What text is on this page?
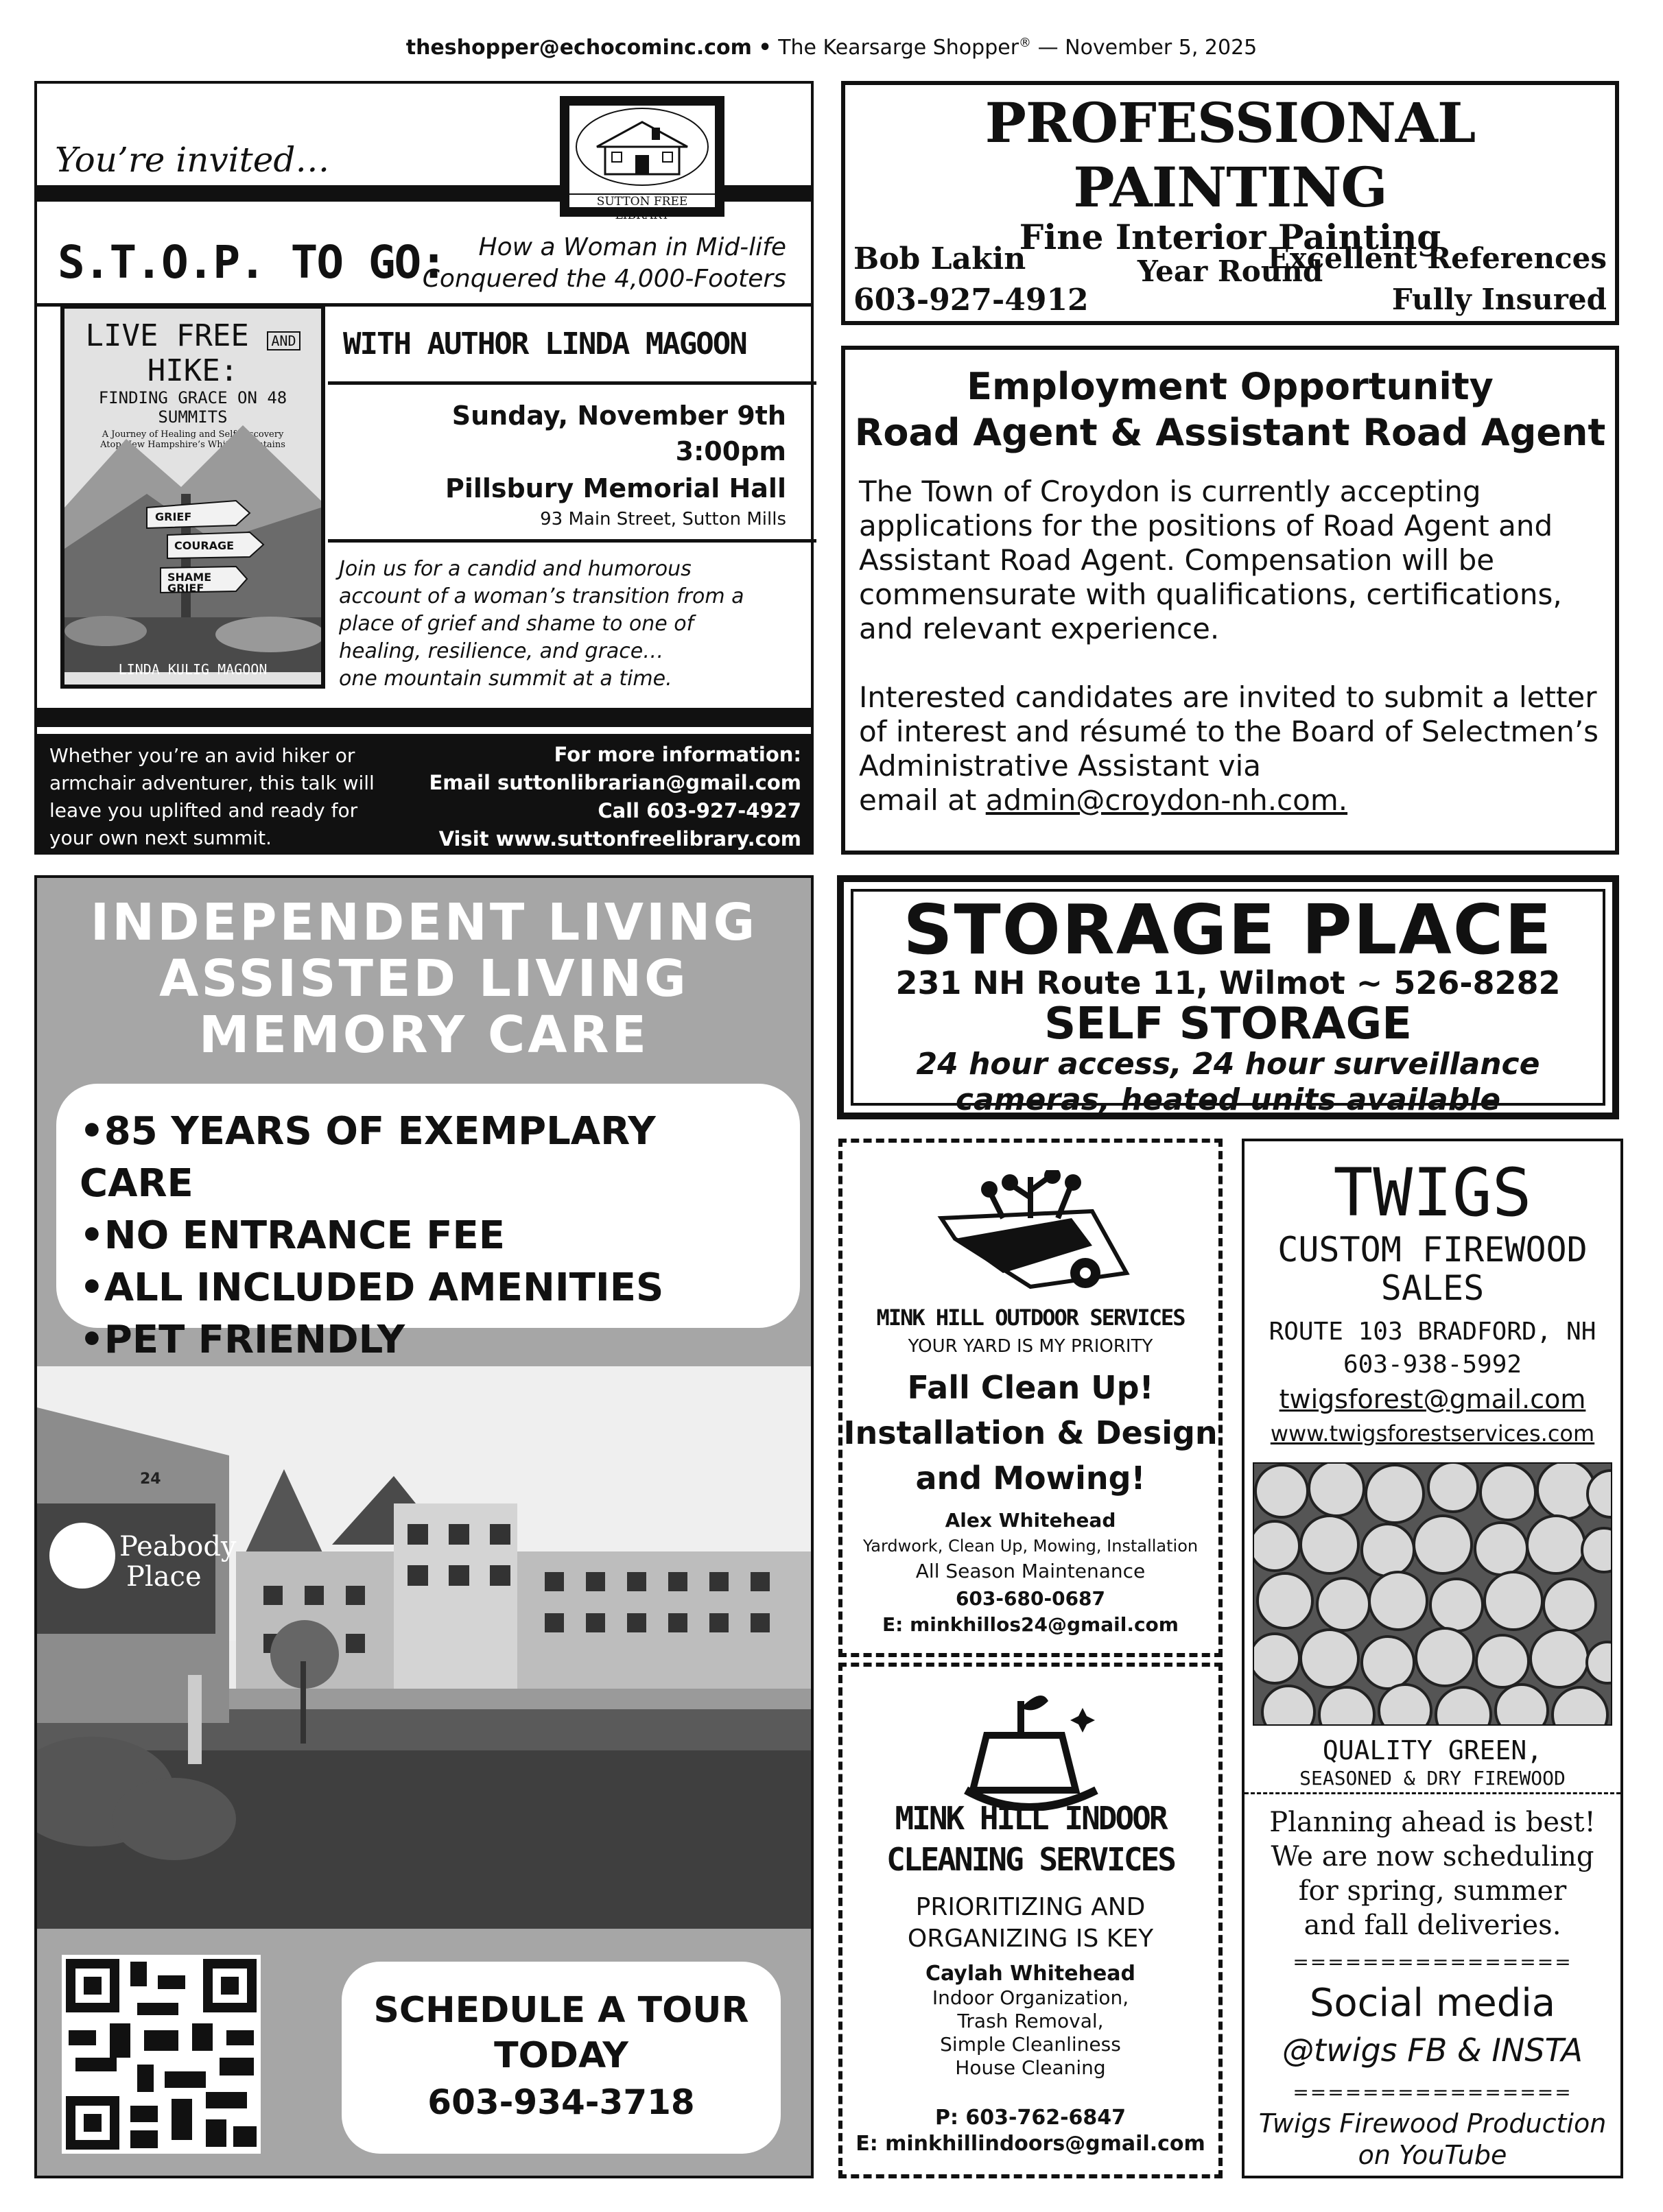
theshopper@echocominc.com • The Kearsarge Shopper® — November 5, 2025
You’re invited…
SUTTON FREE LIBRARY
S.T.O.P. TO GO: How a Woman in Mid-life
Conquered the 4,000-Footers
LIVE FREE AND HIKE:
FINDING GRACE ON 48 SUMMITS
A Journey of Healing and Self Discovery
Atop New Hampshire’s White Mountains
GRIEF
COURAGE
SHAME
GRIEF
LINDA KULIG MAGOON
WITH AUTHOR LINDA MAGOON
Sunday, November 9th
3:00pm
Pillsbury Memorial Hall
93 Main Street, Sutton Mills
Join us for a candid and humorous
account of a woman’s transition from a
place of grief and shame to one of
healing, resilience, and grace…
one mountain summit at a time.
Whether you’re an avid hiker or
armchair adventurer, this talk will
leave you uplifted and ready for
your own next summit.
For more information:
Email suttonlibrarian@gmail.com
Call 603-927-4927
Visit www.suttonfreelibrary.com
PROFESSIONAL PAINTING
Fine Interior Painting
Year Round
Bob Lakin
603-927-4912
Excellent References
Fully Insured
Employment Opportunity
Road Agent & Assistant Road Agent
The Town of Croydon is currently accepting
applications for the positions of Road Agent and
Assistant Road Agent. Compensation will be
commensurate with qualifications, certifications,
and relevant experience.
Interested candidates are invited to submit a letter
of interest and résumé to the Board of Selectmen’s
Administrative Assistant via
email at admin@croydon-nh.com.
INDEPENDENT LIVING
ASSISTED LIVING
MEMORY CARE
•85 YEARS OF EXEMPLARY CARE
•NO ENTRANCE FEE
•ALL INCLUDED AMENITIES
•PET FRIENDLY
24
Peabody
Place
SCHEDULE A TOUR
TODAY
603-934-3718
STORAGE PLACE
231 NH Route 11, Wilmot ~ 526-8282
SELF STORAGE
24 hour access, 24 hour surveillance
cameras, heated units available
MINK HILL OUTDOOR SERVICES
YOUR YARD IS MY PRIORITY
Fall Clean Up!
Installation & Design
and Mowing!
Alex Whitehead
Yardwork, Clean Up, Mowing, Installation
All Season Maintenance
603-680-0687
E: minkhillos24@gmail.com
MINK HILL INDOOR
CLEANING SERVICES
PRIORITIZING AND
ORGANIZING IS KEY
Caylah Whitehead
Indoor Organization,
Trash Removal,
Simple Cleanliness
House Cleaning
P: 603-762-6847
E: minkhillindoors@gmail.com
TWIGS
CUSTOM FIREWOOD
SALES
ROUTE 103 BRADFORD, NH
603-938-5992
twigsforest@gmail.com
www.twigsforestservices.com
QUALITY GREEN,
SEASONED & DRY FIREWOOD
Planning ahead is best!
We are now scheduling
for spring, summer
and fall deliveries.
================
Social media
@twigs FB & INSTA
================
Twigs Firewood Production
on YouTube
